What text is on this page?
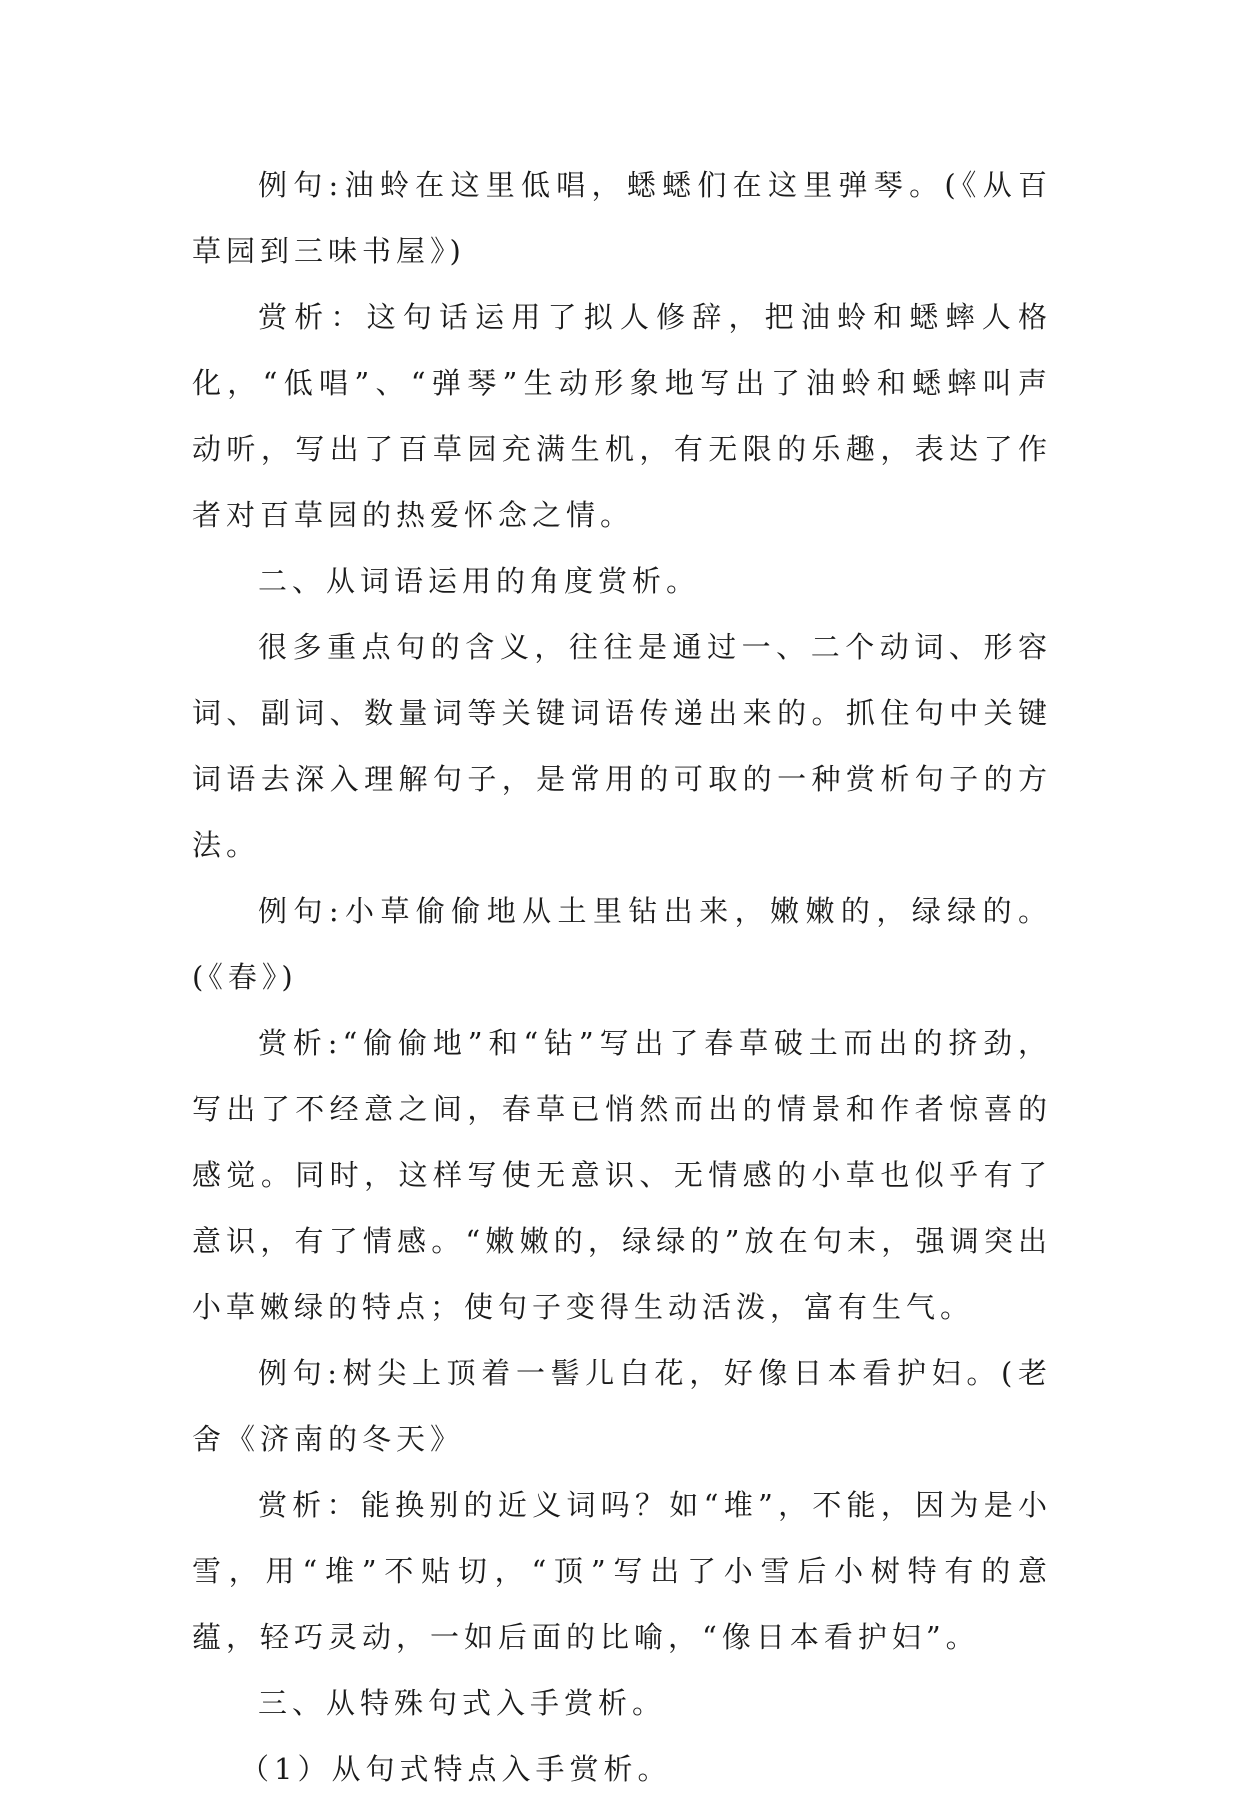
例句:油蛉在这里低唱，蟋蟋们在这里弹琴。(《从百草园到三味书屋》)

赏析：这句话运用了拟人修辞，把油蛉和蟋蟀人格化，“低唱”、“弹琴”生动形象地写出了油蛉和蟋蟀叫声动听，写出了百草园充满生机，有无限的乐趣，表达了作者对百草园的热爱怀念之情。

二、从词语运用的角度赏析。

很多重点句的含义，往往是通过一、二个动词、形容词、副词、数量词等关键词语传递出来的。抓住句中关键词语去深入理解句子，是常用的可取的一种赏析句子的方法。

例句:小草偷偷地从土里钻出来，嫩嫩的，绿绿的。(《春》)

赏析:“偷偷地”和“钻”写出了春草破土而出的挤劲，写出了不经意之间，春草已悄然而出的情景和作者惊喜的感觉。同时，这样写使无意识、无情感的小草也似乎有了意识，有了情感。“嫩嫩的，绿绿的”放在句末，强调突出小草嫩绿的特点；使句子变得生动活泼，富有生气。

例句:树尖上顶着一髻儿白花，好像日本看护妇。(老舍《济南的冬天》

赏析：能换别的近义词吗？如“堆”，不能，因为是小雪，用“堆”不贴切，“顶”写出了小雪后小树特有的意蕴，轻巧灵动，一如后面的比喻，“像日本看护妇”。

三、从特殊句式入手赏析。

（1）从句式特点入手赏析。
